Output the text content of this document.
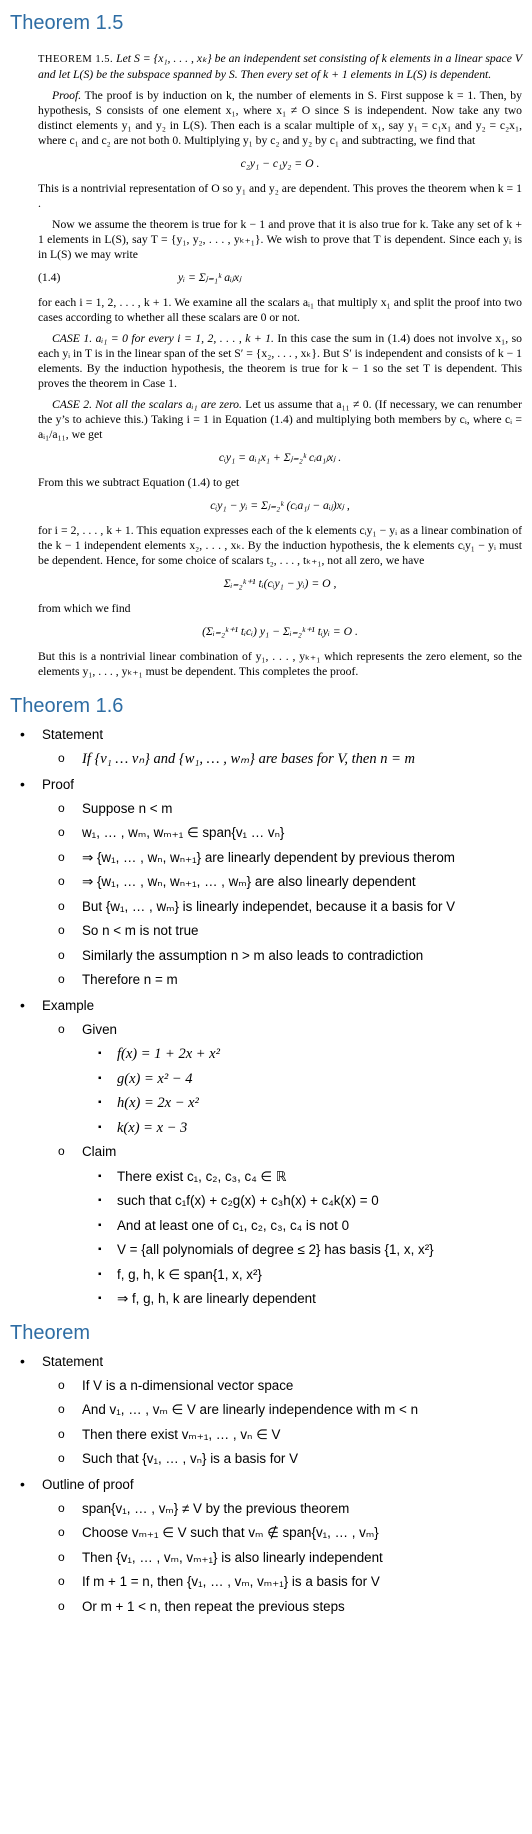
Theorem 1.5

THEOREM 1.5. Let S = {x₁, . . . , xₖ} be an independent set consisting of k elements in a linear space V and let L(S) be the subspace spanned by S. Then every set of k + 1 elements in L(S) is dependent.

Proof. The proof is by induction on k, the number of elements in S. First suppose k = 1. Then, by hypothesis, S consists of one element x₁, where x₁ ≠ O since S is independent. Now take any two distinct elements y₁ and y₂ in L(S). Then each is a scalar multiple of x₁, say y₁ = c₁x₁ and y₂ = c₂x₁, where c₁ and c₂ are not both 0. Multiplying y₁ by c₂ and y₂ by c₁ and subtracting, we find that

c₂y₁ − c₁y₂ = O .

This is a nontrivial representation of O so y₁ and y₂ are dependent. This proves the theorem when k = 1 .

Now we assume the theorem is true for k − 1 and prove that it is also true for k. Take any set of k + 1 elements in L(S), say T = {y₁, y₂, . . . , yₖ₊₁}. We wish to prove that T is dependent. Since each yᵢ is in L(S) we may write

(1.4)	yᵢ = Σⱼ₌₁ᵏ aᵢⱼxⱼ

for each i = 1, 2, . . . , k + 1. We examine all the scalars aᵢ₁ that multiply x₁ and split the proof into two cases according to whether all these scalars are 0 or not.

CASE 1. aᵢ₁ = 0 for every i = 1, 2, . . . , k + 1. In this case the sum in (1.4) does not involve x₁, so each yᵢ in T is in the linear span of the set S′ = {x₂, . . . , xₖ}. But S′ is independent and consists of k − 1 elements. By the induction hypothesis, the theorem is true for k − 1 so the set T is dependent. This proves the theorem in Case 1.

CASE 2. Not all the scalars aᵢ₁ are zero. Let us assume that a₁₁ ≠ 0. (If necessary, we can renumber the y’s to achieve this.) Taking i = 1 in Equation (1.4) and multiplying both members by cᵢ, where cᵢ = aᵢ₁/a₁₁, we get

cᵢy₁ = aᵢ₁x₁ + Σⱼ₌₂ᵏ cᵢa₁ⱼxⱼ .

From this we subtract Equation (1.4) to get

cᵢy₁ − yᵢ = Σⱼ₌₂ᵏ (cᵢa₁ⱼ − aᵢⱼ)xⱼ ,

for i = 2, . . . , k + 1. This equation expresses each of the k elements cᵢy₁ − yᵢ as a linear combination of the k − 1 independent elements x₂, . . . , xₖ. By the induction hypothesis, the k elements cᵢy₁ − yᵢ must be dependent. Hence, for some choice of scalars t₂, . . . , tₖ₊₁, not all zero, we have

Σᵢ₌₂ᵏ⁺¹ tᵢ(cᵢy₁ − yᵢ) = O ,

from which we find

(Σᵢ₌₂ᵏ⁺¹ tᵢcᵢ) y₁ − Σᵢ₌₂ᵏ⁺¹ tᵢyᵢ = O .

But this is a nontrivial linear combination of y₁, . . . , yₖ₊₁ which represents the zero element, so the elements y₁, . . . , yₖ₊₁ must be dependent. This completes the proof.

Theorem 1.6
• Statement
o If {v₁ … vₙ} and {w₁, … , wₘ} are bases for V, then n = m
• Proof
o Suppose n < m
o w₁, … , wₘ, wₘ₊₁ ∈ span{v₁ … vₙ}
o ⇒ {w₁, … , wₙ, wₙ₊₁} are linearly dependent by previous therom
o ⇒ {w₁, … , wₙ, wₙ₊₁, … , wₘ} are also linearly dependent
o But {w₁, … , wₘ} is linearly independet, because it a basis for V
o So n < m is not true
o Similarly the assumption n > m also leads to contradiction
o Therefore n = m
• Example
o Given
▪ f(x) = 1 + 2x + x²
▪ g(x) = x² − 4
▪ h(x) = 2x − x²
▪ k(x) = x − 3
o Claim
▪ There exist c₁, c₂, c₃, c₄ ∈ ℝ
▪ such that c₁f(x) + c₂g(x) + c₃h(x) + c₄k(x) = 0
▪ And at least one of c₁, c₂, c₃, c₄ is not 0
▪ V = {all polynomials of degree ≤ 2} has basis {1, x, x²}
▪ f, g, h, k ∈ span{1, x, x²}
▪ ⇒ f, g, h, k are linearly dependent
Theorem
• Statement
o If V is a n-dimensional vector space
o And v₁, … , vₘ ∈ V are linearly independence with m < n
o Then there exist vₘ₊₁, … , vₙ ∈ V
o Such that {v₁, … , vₙ} is a basis for V
• Outline of proof
o span{v₁, … , vₘ} ≠ V by the previous theorem
o Choose vₘ₊₁ ∈ V such that vₘ ∉ span{v₁, … , vₘ}
o Then {v₁, … , vₘ, vₘ₊₁} is also linearly independent
o If m + 1 = n, then {v₁, … , vₘ, vₘ₊₁} is a basis for V
o Or m + 1 < n, then repeat the previous steps
